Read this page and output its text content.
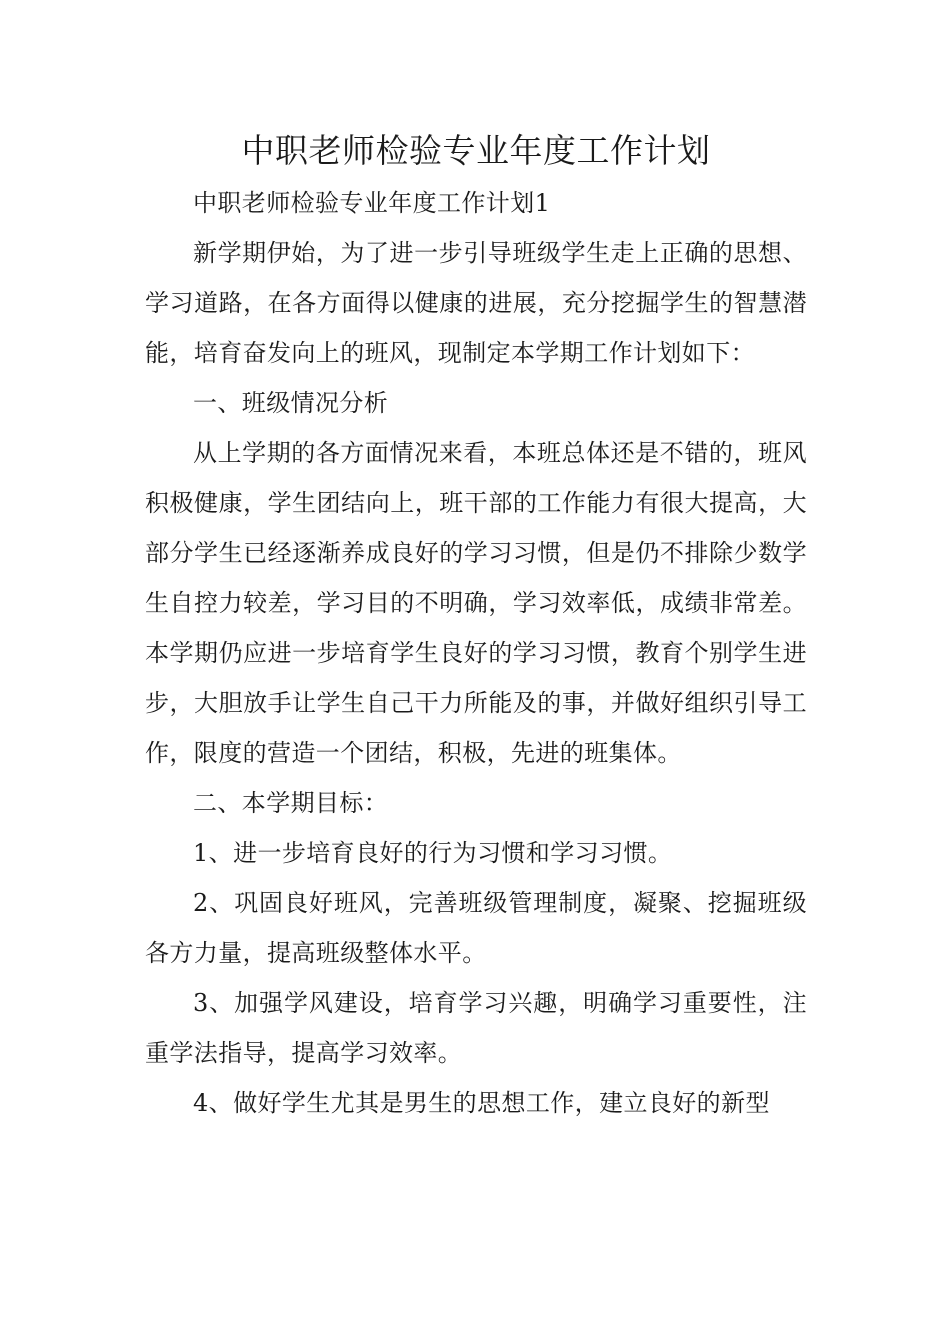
中职老师检验专业年度工作计划

中职老师检验专业年度工作计划1

新学期伊始，为了进一步引导班级学生走上正确的思想、学习道路，在各方面得以健康的进展，充分挖掘学生的智慧潜能，培育奋发向上的班风，现制定本学期工作计划如下：

一、班级情况分析

从上学期的各方面情况来看，本班总体还是不错的，班风积极健康，学生团结向上，班干部的工作能力有很大提高，大部分学生已经逐渐养成良好的学习习惯，但是仍不排除少数学生自控力较差，学习目的不明确，学习效率低，成绩非常差。本学期仍应进一步培育学生良好的学习习惯，教育个别学生进步，大胆放手让学生自己干力所能及的事，并做好组织引导工作，限度的营造一个团结，积极，先进的班集体。

二、本学期目标：

1、进一步培育良好的行为习惯和学习习惯。

2、巩固良好班风，完善班级管理制度，凝聚、挖掘班级各方力量，提高班级整体水平。

3、加强学风建设，培育学习兴趣，明确学习重要性，注重学法指导，提高学习效率。

4、做好学生尤其是男生的思想工作，建立良好的新型
